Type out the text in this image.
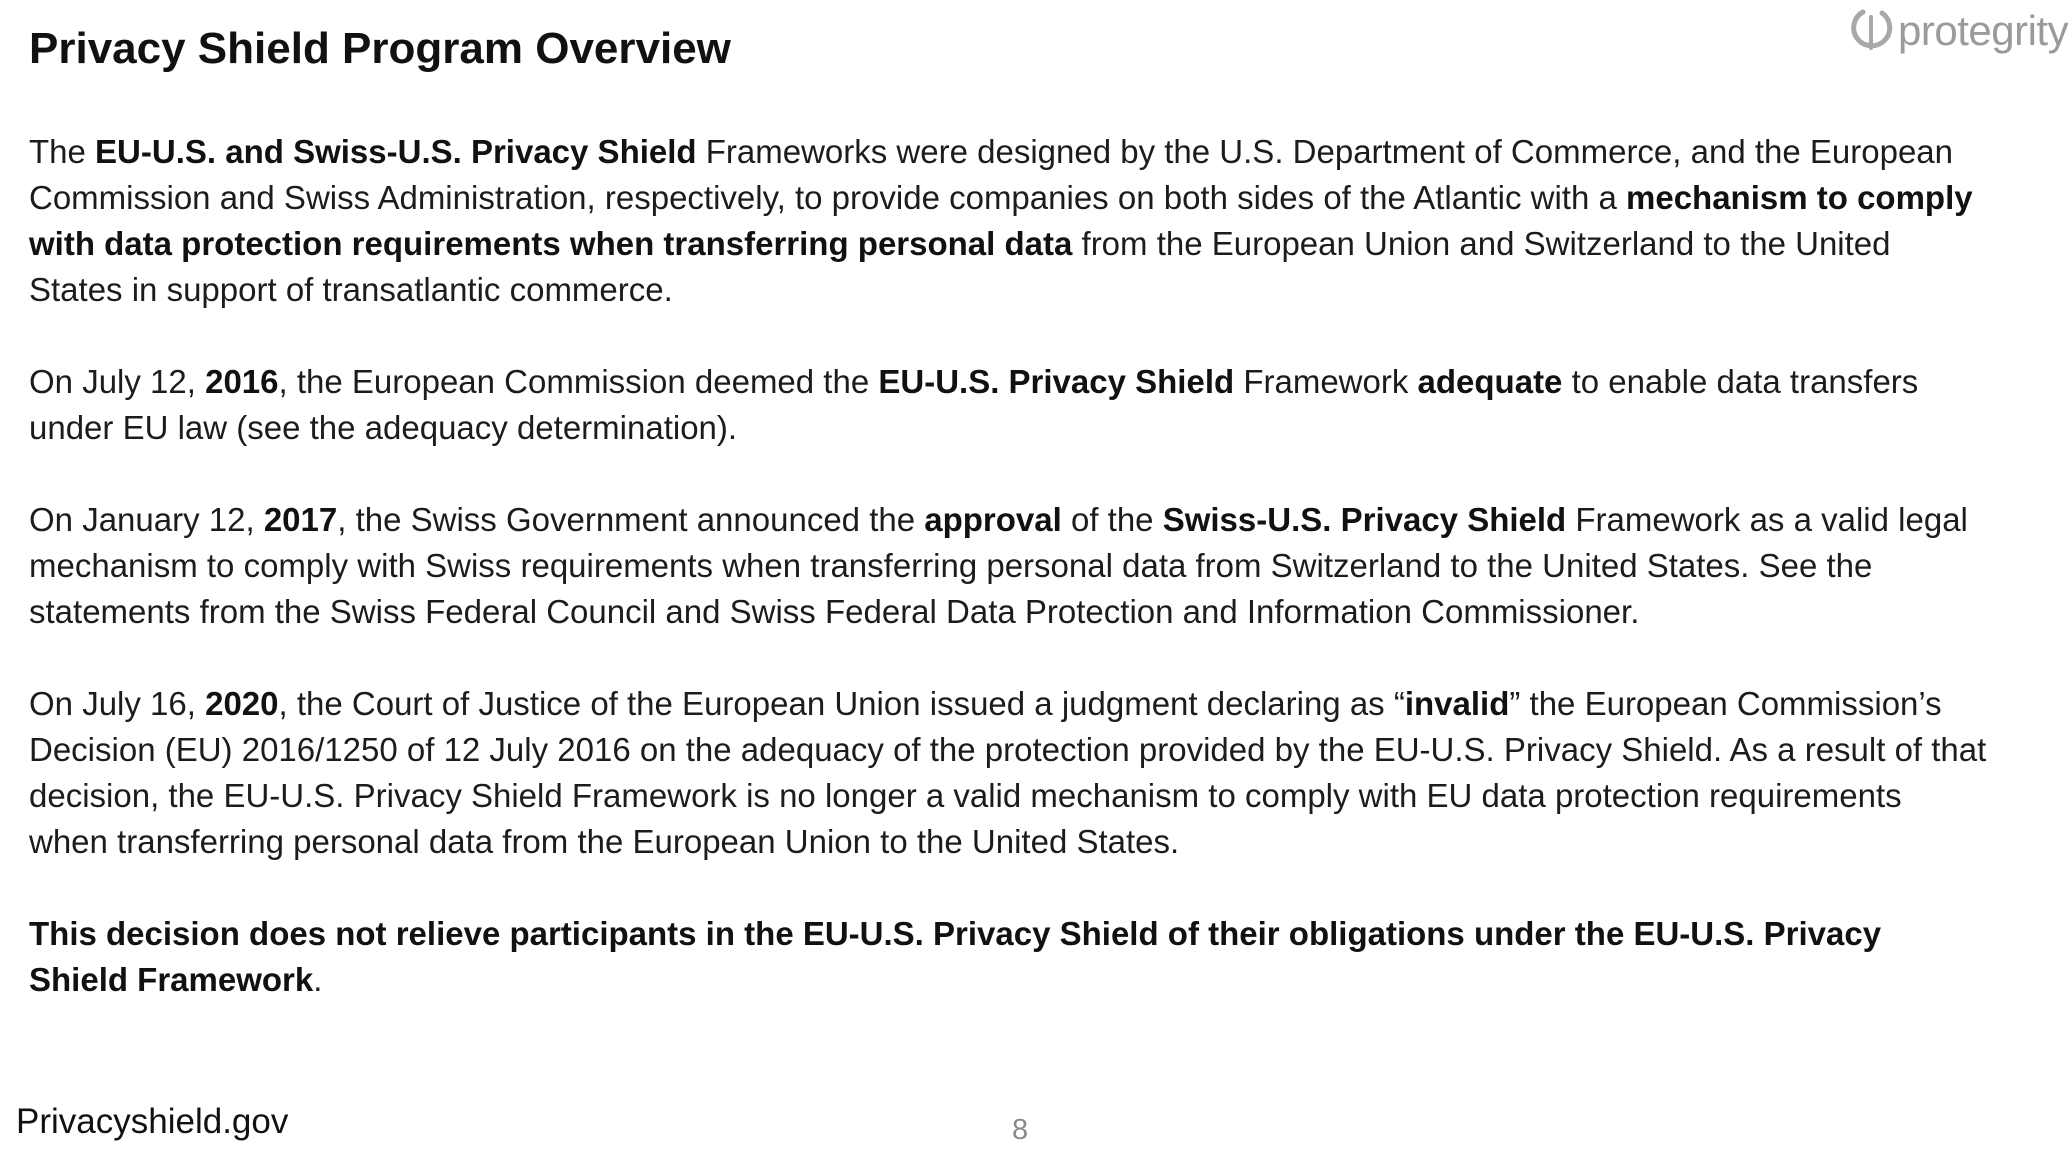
Privacy Shield Program Overview	protegrity

The EU-U.S. and Swiss-U.S. Privacy Shield Frameworks were designed by the U.S. Department of Commerce, and the European Commission and Swiss Administration, respectively, to provide companies on both sides of the Atlantic with a mechanism to comply with data protection requirements when transferring personal data from the European Union and Switzerland to the United States in support of transatlantic commerce.

On July 12, 2016, the European Commission deemed the EU-U.S. Privacy Shield Framework adequate to enable data transfers under EU law (see the adequacy determination).

On January 12, 2017, the Swiss Government announced the approval of the Swiss-U.S. Privacy Shield Framework as a valid legal mechanism to comply with Swiss requirements when transferring personal data from Switzerland to the United States. See the statements from the Swiss Federal Council and Swiss Federal Data Protection and Information Commissioner.

On July 16, 2020, the Court of Justice of the European Union issued a judgment declaring as “invalid” the European Commission’s Decision (EU) 2016/1250 of 12 July 2016 on the adequacy of the protection provided by the EU-U.S. Privacy Shield. As a result of that decision, the EU-U.S. Privacy Shield Framework is no longer a valid mechanism to comply with EU data protection requirements when transferring personal data from the European Union to the United States.

This decision does not relieve participants in the EU-U.S. Privacy Shield of their obligations under the EU-U.S. Privacy Shield Framework.

Privacyshield.gov	8
